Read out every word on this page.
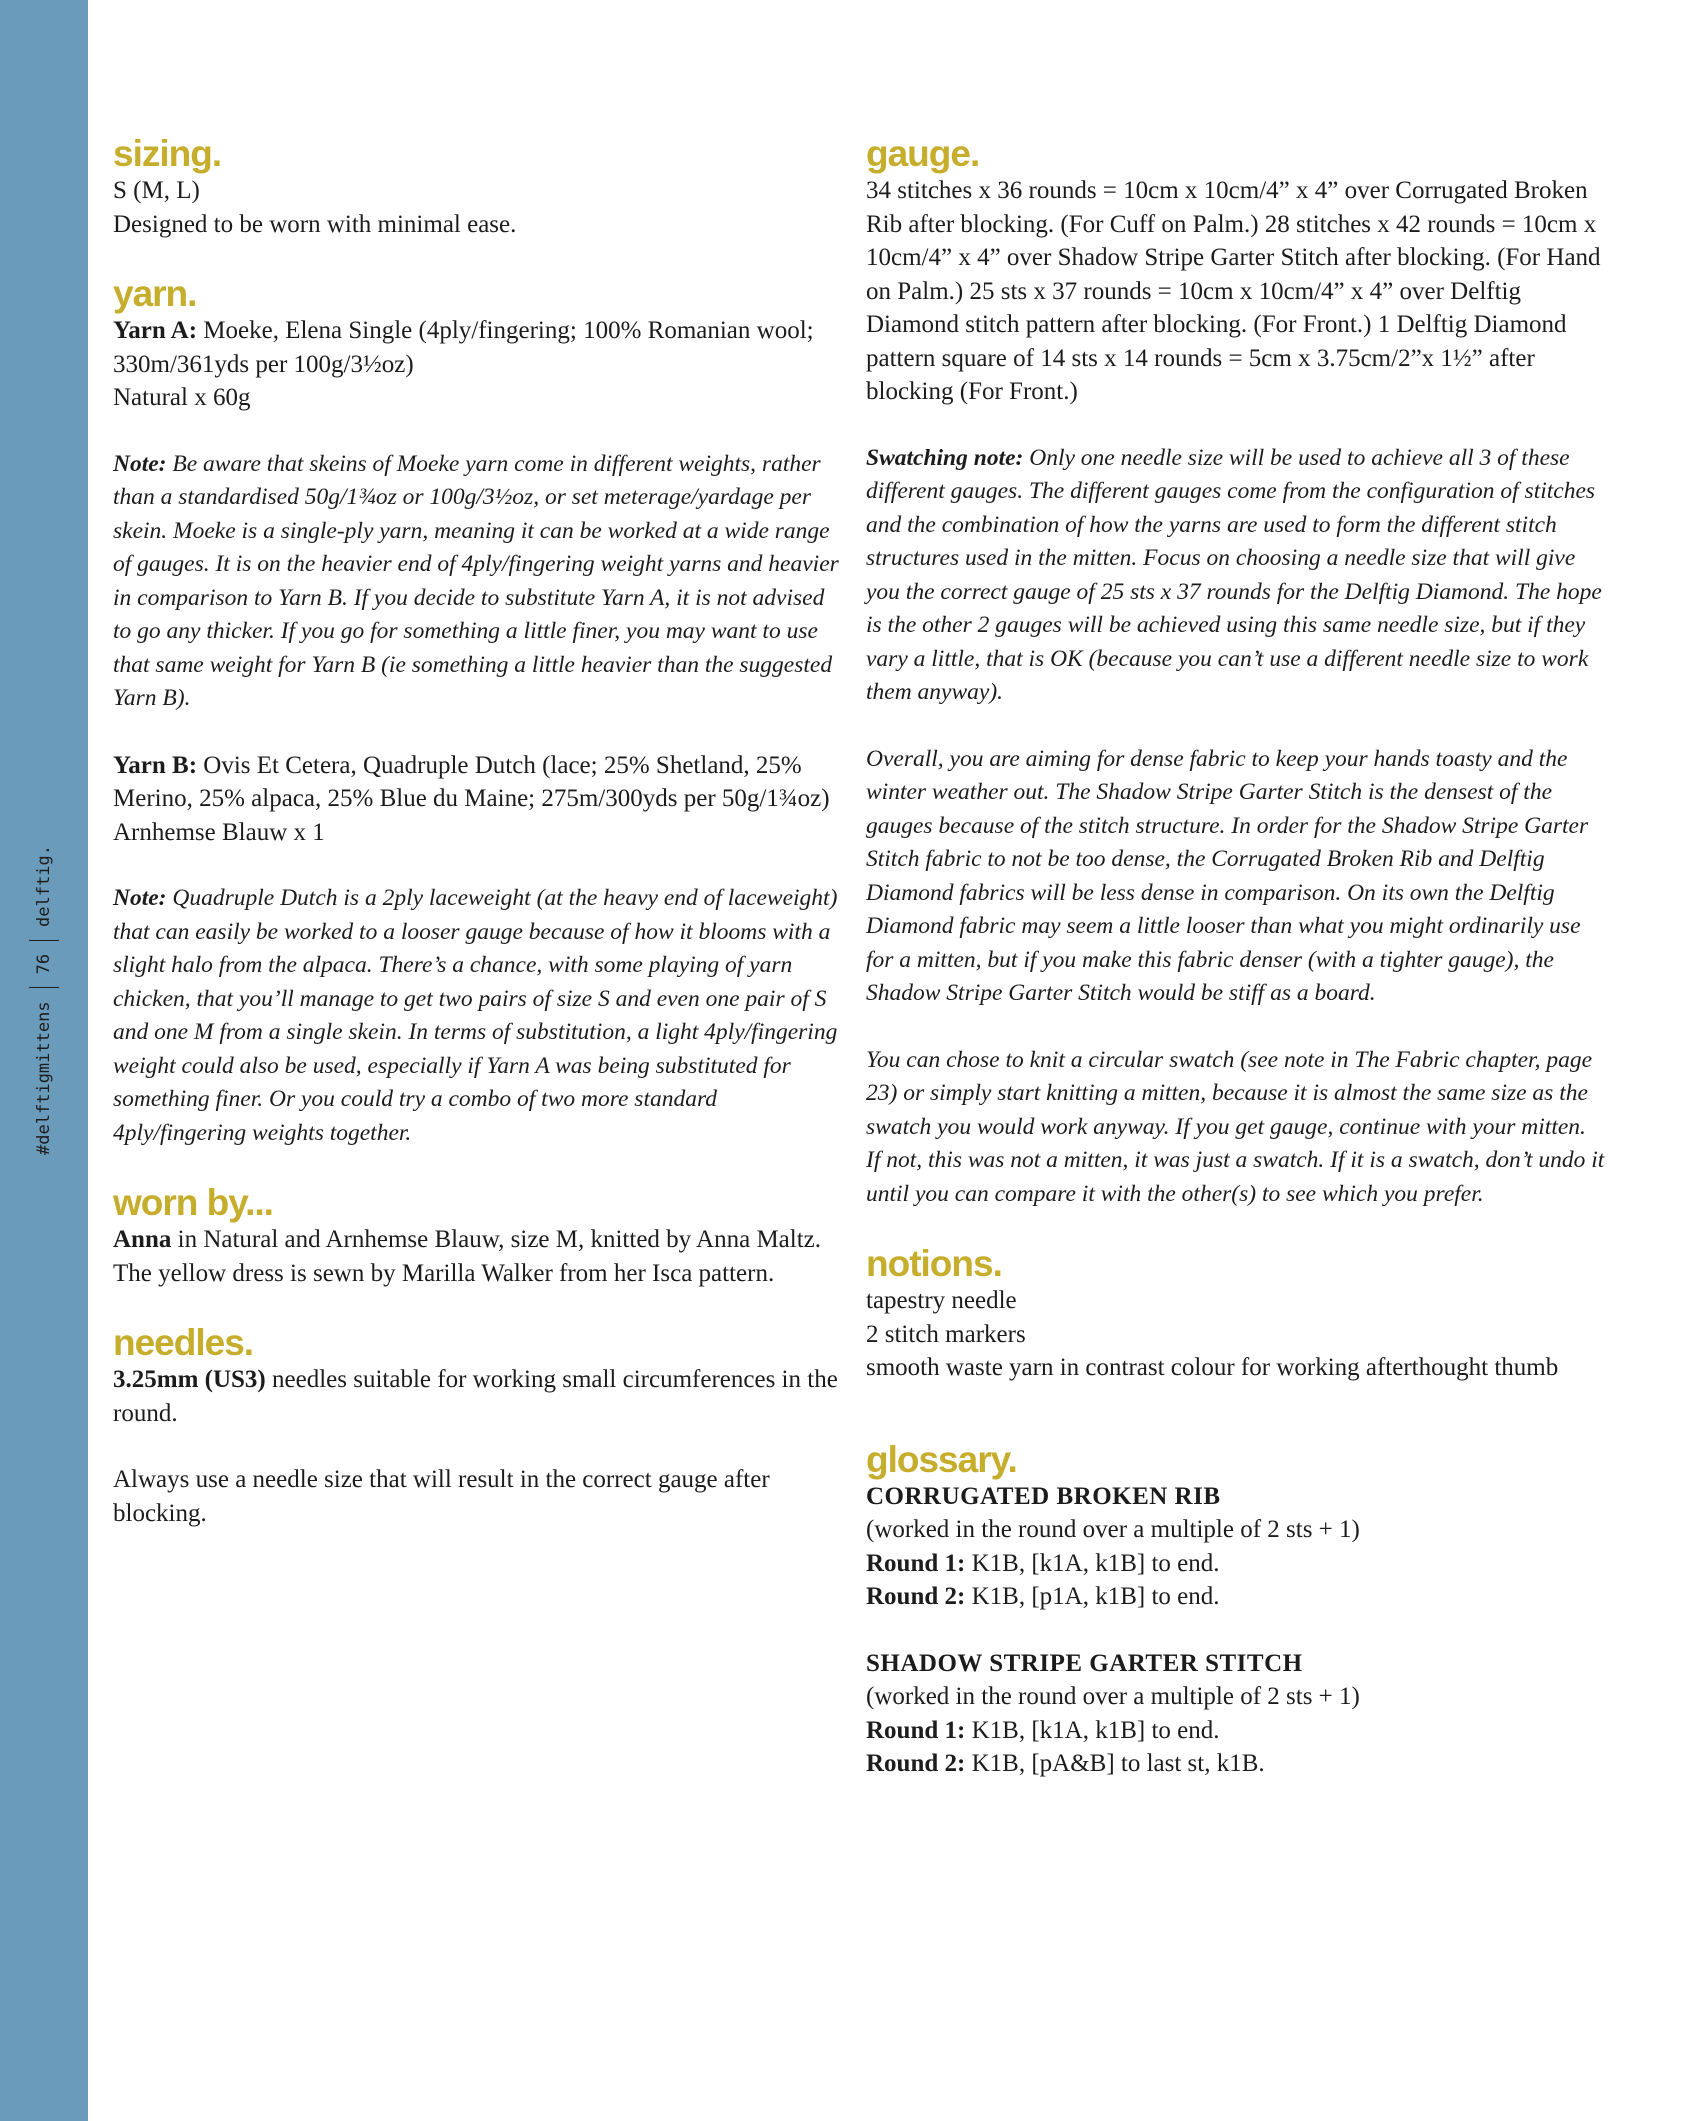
#delftigmittens
76
delftig.
sizing.

S (M, L)

Designed to be worn with minimal ease.

yarn.

Yarn A: Moeke, Elena Single (4ply/fingering; 100% Romanian wool; 330m/361yds per 100g/3½oz)

Natural x 60g

Note: Be aware that skeins of Moeke yarn come in different weights, rather than a standardised 50g/1¾oz or 100g/3½oz, or set meterage/yardage per skein. Moeke is a single-ply yarn, meaning it can be worked at a wide range of gauges. It is on the heavier end of 4ply/fingering weight yarns and heavier in comparison to Yarn B. If you decide to substitute Yarn A, it is not advised to go any thicker. If you go for something a little finer, you may want to use that same weight for Yarn B (ie something a little heavier than the suggested Yarn B).

Yarn B: Ovis Et Cetera, Quadruple Dutch (lace; 25% Shetland, 25% Merino, 25% alpaca, 25% Blue du Maine; 275m/300yds per 50g/1¾oz)

Arnhemse Blauw x 1

Note: Quadruple Dutch is a 2ply laceweight (at the heavy end of laceweight) that can easily be worked to a looser gauge because of how it blooms with a slight halo from the alpaca. There’s a chance, with some playing of yarn chicken, that you’ll manage to get two pairs of size S and even one pair of S and one M from a single skein. In terms of substitution, a light 4ply/fingering weight could also be used, especially if Yarn A was being substituted for something finer. Or you could try a combo of two more standard 4ply/fingering weights together.

worn by...

Anna in Natural and Arnhemse Blauw, size M, knitted by Anna Maltz. The yellow dress is sewn by Marilla Walker from her Isca pattern.

needles.

3.25mm (US3) needles suitable for working small circumferences in the round.

Always use a needle size that will result in the correct gauge after blocking.

gauge.

34 stitches x 36 rounds = 10cm x 10cm/4” x 4” over Corrugated Broken Rib after blocking. (For Cuff on Palm.) 28 stitches x 42 rounds = 10cm x 10cm/4” x 4” over Shadow Stripe Garter Stitch after blocking. (For Hand on Palm.) 25 sts x 37 rounds = 10cm x 10cm/4” x 4” over Delftig Diamond stitch pattern after blocking. (For Front.) 1 Delftig Diamond pattern square of 14 sts x 14 rounds = 5cm x 3.75cm/2”x 1½” after blocking (For Front.)

Swatching note: Only one needle size will be used to achieve all 3 of these different gauges. The different gauges come from the configuration of stitches and the combination of how the yarns are used to form the different stitch structures used in the mitten. Focus on choosing a needle size that will give you the correct gauge of 25 sts x 37 rounds for the Delftig Diamond. The hope is the other 2 gauges will be achieved using this same needle size, but if they vary a little, that is OK (because you can’t use a different needle size to work them anyway).

Overall, you are aiming for dense fabric to keep your hands toasty and the winter weather out. The Shadow Stripe Garter Stitch is the densest of the gauges because of the stitch structure. In order for the Shadow Stripe Garter Stitch fabric to not be too dense, the Corrugated Broken Rib and Delftig Diamond fabrics will be less dense in comparison. On its own the Delftig Diamond fabric may seem a little looser than what you might ordinarily use for a mitten, but if you make this fabric denser (with a tighter gauge), the Shadow Stripe Garter Stitch would be stiff as a board.

You can chose to knit a circular swatch (see note in The Fabric chapter, page 23) or simply start knitting a mitten, because it is almost the same size as the swatch you would work anyway. If you get gauge, continue with your mitten. If not, this was not a mitten, it was just a swatch. If it is a swatch, don’t undo it until you can compare it with the other(s) to see which you prefer.

notions.

tapestry needle

2 stitch markers

smooth waste yarn in contrast colour for working afterthought thumb

glossary.

CORRUGATED BROKEN RIB

(worked in the round over a multiple of 2 sts + 1)

Round 1: K1B, [k1A, k1B] to end.

Round 2: K1B, [p1A, k1B] to end.

SHADOW STRIPE GARTER STITCH

(worked in the round over a multiple of 2 sts + 1)

Round 1: K1B, [k1A, k1B] to end.

Round 2: K1B, [pA&B] to last st, k1B.
